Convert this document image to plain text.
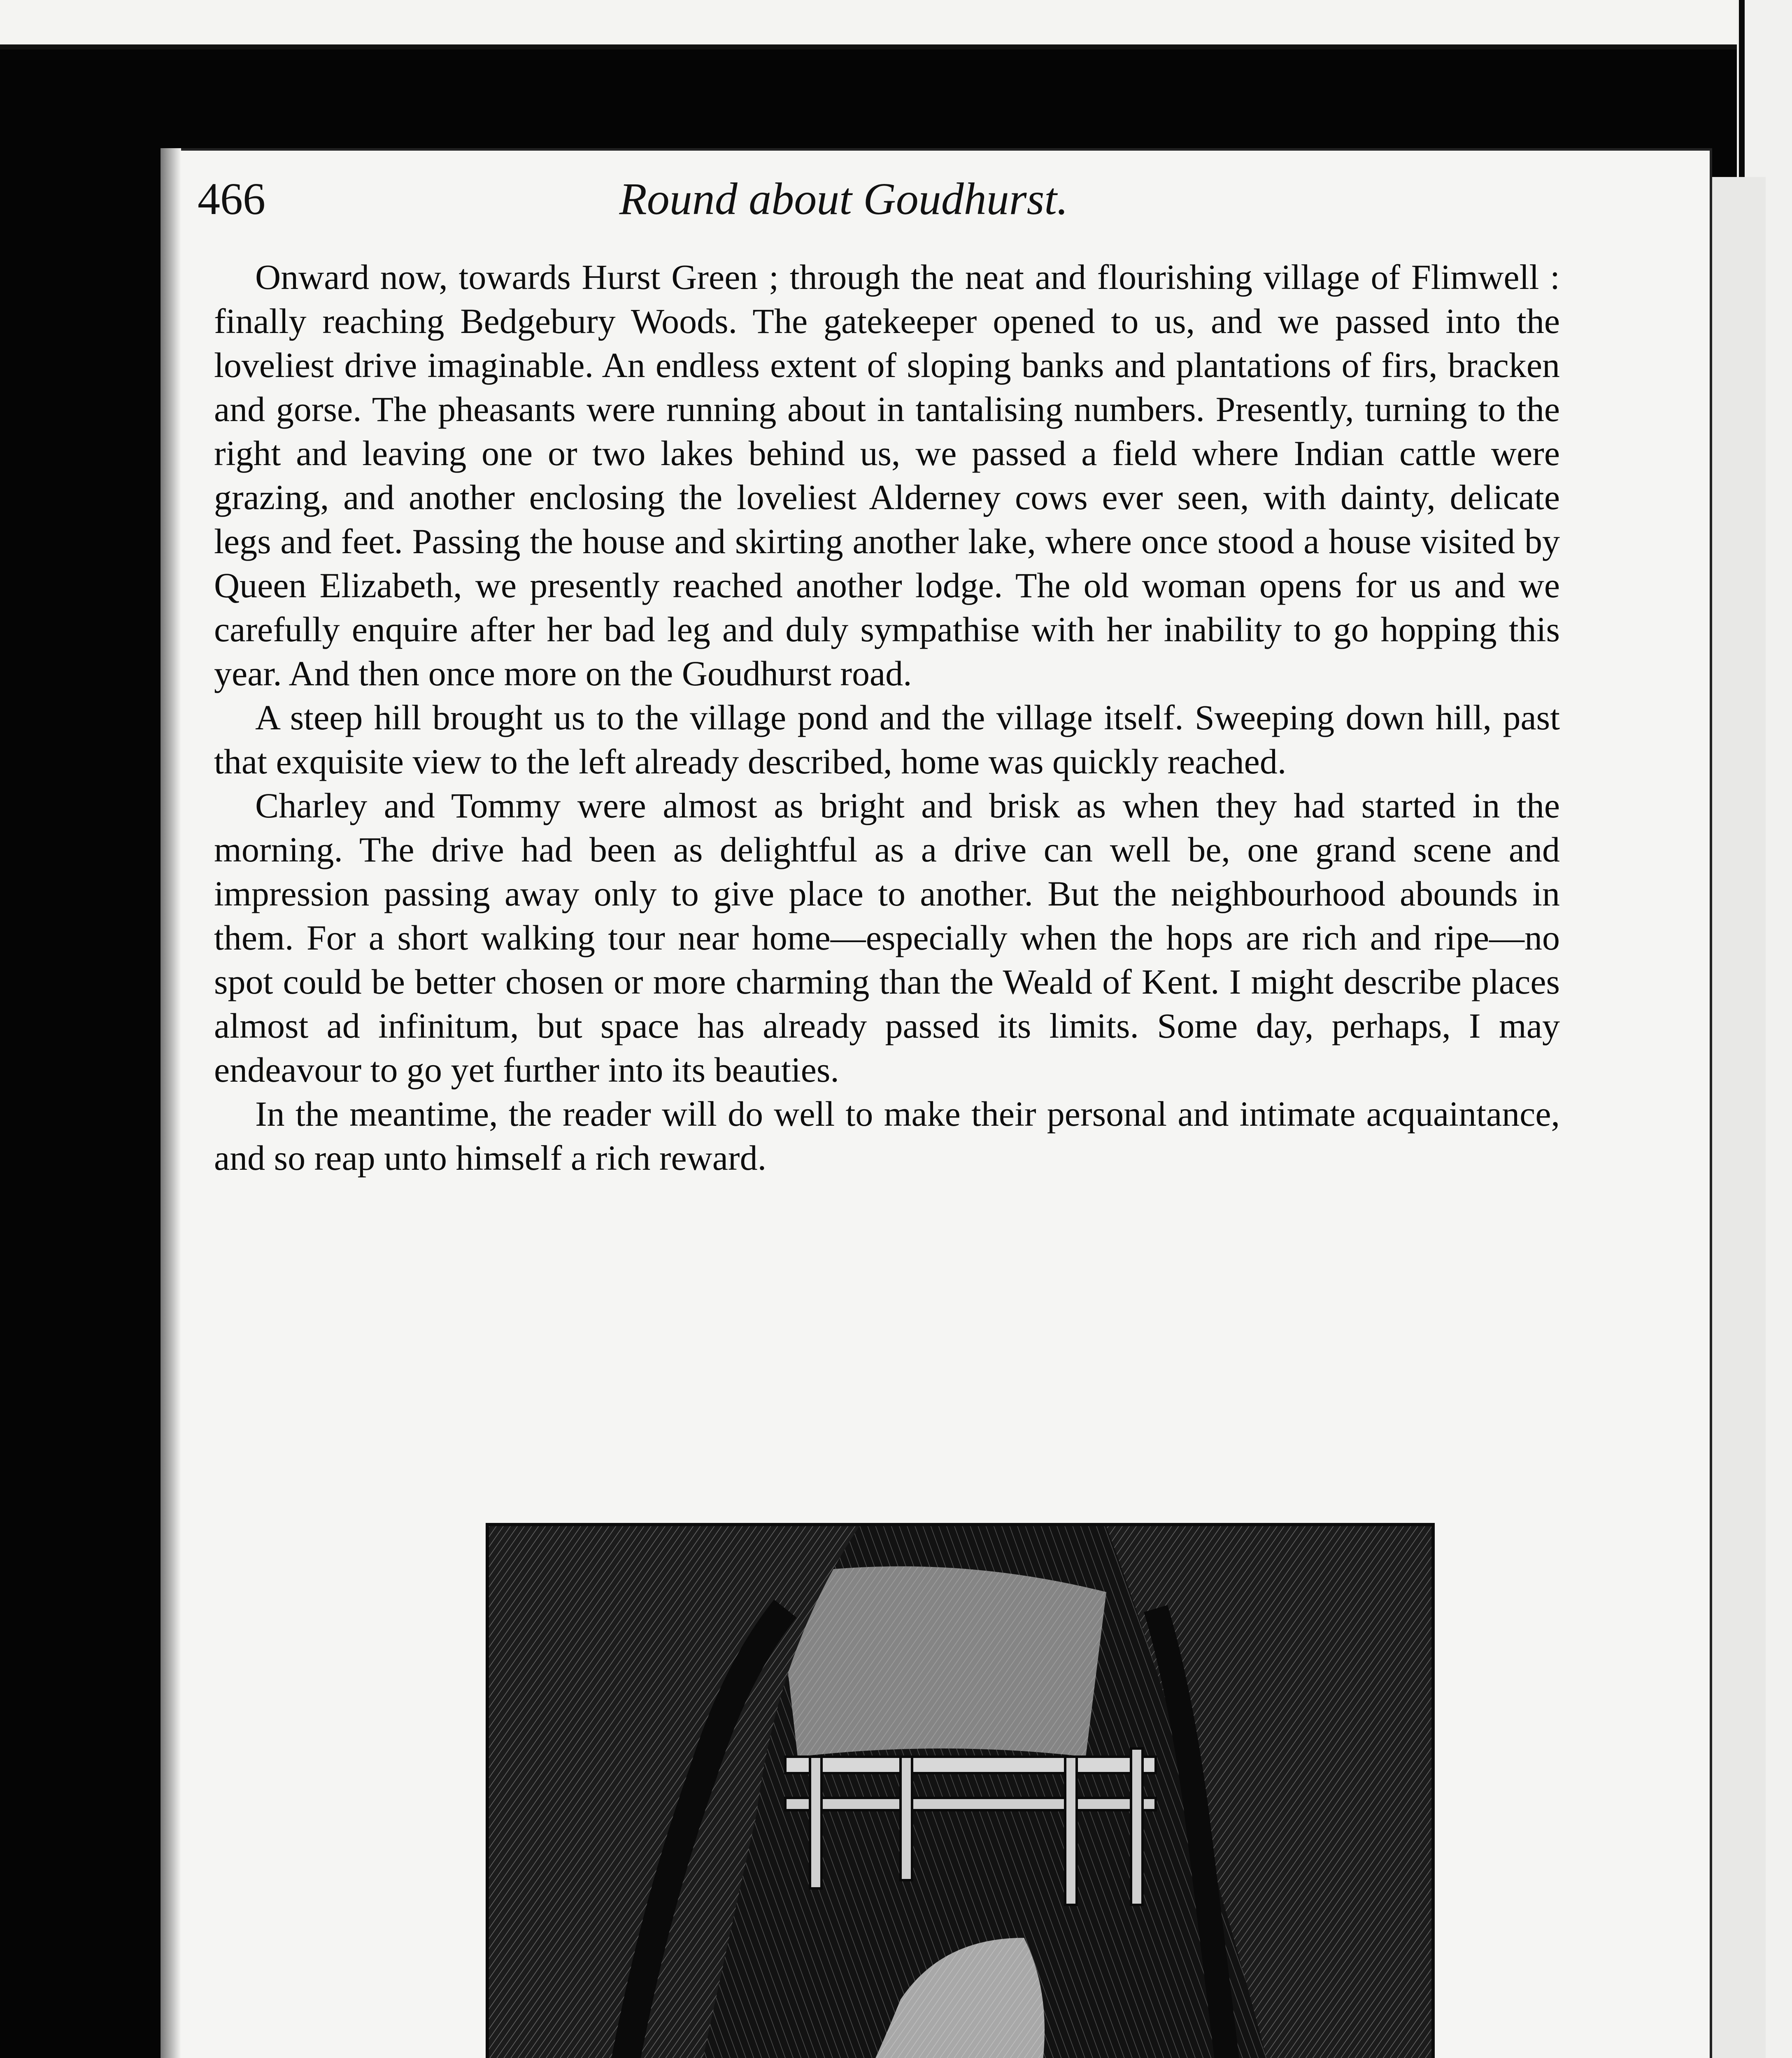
466	Round about Goudhurst.

Onward now, towards Hurst Green ; through the neat and flourishing village of Flimwell : finally reaching Bedgebury Woods. The gatekeeper opened to us, and we passed into the loveliest drive imaginable. An endless extent of sloping banks and plantations of firs, bracken and gorse. The pheasants were running about in tantalising numbers. Presently, turning to the right and leaving one or two lakes behind us, we passed a field where Indian cattle were grazing, and another enclosing the loveliest Alderney cows ever seen, with dainty, delicate legs and feet. Passing the house and skirting another lake, where once stood a house visited by Queen Elizabeth, we presently reached another lodge. The old woman opens for us and we carefully enquire after her bad leg and duly sympathise with her inability to go hopping this year. And then once more on the Goudhurst road.

A steep hill brought us to the village pond and the village itself. Sweeping down hill, past that exquisite view to the left already described, home was quickly reached.

Charley and Tommy were almost as bright and brisk as when they had started in the morning. The drive had been as delightful as a drive can well be, one grand scene and impression passing away only to give place to another. But the neighbourhood abounds in them. For a short walking tour near home—especially when the hops are rich and ripe—no spot could be better chosen or more charming than the Weald of Kent. I might describe places almost ad infinitum, but space has already passed its limits. Some day, perhaps, I may endeavour to go yet further into its beauties.

In the meantime, the reader will do well to make their personal and intimate acquaintance, and so reap unto himself a rich reward.
